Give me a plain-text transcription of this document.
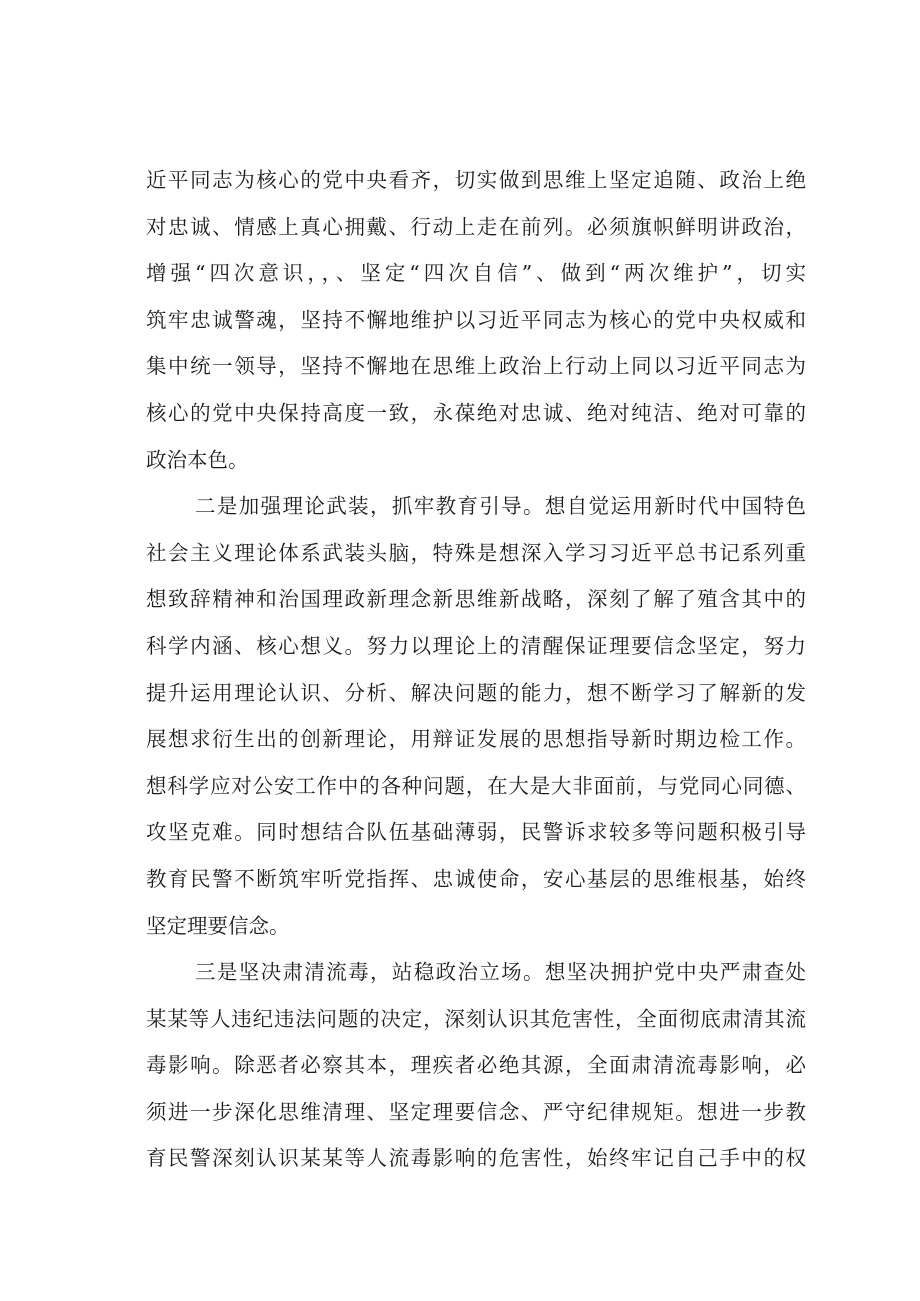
近平同志为核心的党中央看齐，切实做到思维上坚定追随、政治上绝
对忠诚、情感上真心拥戴、行动上走在前列。必须旗帜鲜明讲政治，
增强“四次意识，，、坚定“四次自信”、做到“两次维护”，切实
筑牢忠诚警魂，坚持不懈地维护以习近平同志为核心的党中央权威和
集中统一领导，坚持不懈地在思维上政治上行动上同以习近平同志为
核心的党中央保持高度一致，永葆绝对忠诚、绝对纯洁、绝对可靠的
政治本色。
二是加强理论武装，抓牢教育引导。想自觉运用新时代中国特色
社会主义理论体系武装头脑，特殊是想深入学习习近平总书记系列重
想致辞精神和治国理政新理念新思维新战略，深刻了解了殖含其中的
科学内涵、核心想义。努力以理论上的清醒保证理要信念坚定，努力
提升运用理论认识、分析、解决问题的能力，想不断学习了解新的发
展想求衍生出的创新理论，用辩证发展的思想指导新时期边检工作。
想科学应对公安工作中的各种问题，在大是大非面前，与党同心同德、
攻坚克难。同时想结合队伍基础薄弱，民警诉求较多等问题积极引导
教育民警不断筑牢听党指挥、忠诚使命，安心基层的思维根基，始终
坚定理要信念。
三是坚决肃清流毒，站稳政治立场。想坚决拥护党中央严肃查处
某某等人违纪违法问题的决定，深刻认识其危害性，全面彻底肃清其流
毒影响。除恶者必察其本，理疾者必绝其源，全面肃清流毒影响，必
须进一步深化思维清理、坚定理要信念、严守纪律规矩。想进一步教
育民警深刻认识某某等人流毒影响的危害性，始终牢记自己手中的权
